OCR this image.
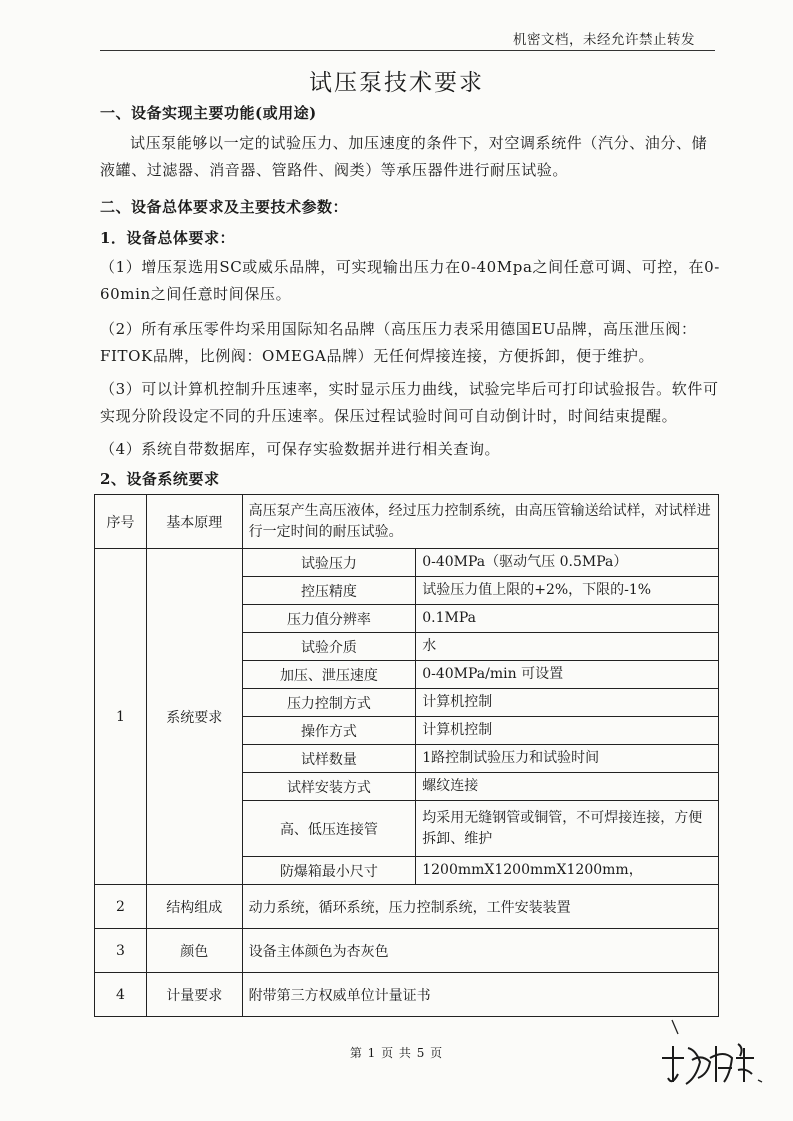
机密文档，未经允许禁止转发
试压泵技术要求
一、设备实现主要功能(或用途)
试压泵能够以一定的试验压力、加压速度的条件下，对空调系统件（汽分、油分、储液罐、过滤器、消音器、管路件、阀类）等承压器件进行耐压试验。
二、设备总体要求及主要技术参数：
1．设备总体要求：
（1）增压泵选用SC或威乐品牌，可实现输出压力在0-40Mpa之间任意可调、可控，在0-60min之间任意时间保压。
（2）所有承压零件均采用国际知名品牌（高压压力表采用德国EU品牌，高压泄压阀：FITOK品牌，比例阀：OMEGA品牌）无任何焊接连接，方便拆卸，便于维护。
（3）可以计算机控制升压速率，实时显示压力曲线，试验完毕后可打印试验报告。软件可实现分阶段设定不同的升压速率。保压过程试验时间可自动倒计时，时间结束提醒。
（4）系统自带数据库，可保存实验数据并进行相关查询。
2、设备系统要求
序号	基本原理	高压泵产生高压液体，经过压力控制系统，由高压管输送给试样，对试样进行一定时间的耐压试验。	
1	系统要求	试验压力	0-40MPa（驱动气压 0.5MPa）
		控压精度	试验压力值上限的+2%，下限的-1%
		压力值分辨率	0.1MPa
		试验介质	水
		加压、泄压速度	0-40MPa/min 可设置
		压力控制方式	计算机控制
		操作方式	计算机控制
		试样数量	1路控制试验压力和试验时间
		试样安装方式	螺纹连接
		高、低压连接管	均采用无缝钢管或铜管，不可焊接连接，方便拆卸、维护
		防爆箱最小尺寸	1200mmX1200mmX1200mm，
2	结构组成	动力系统，循环系统，压力控制系统，工件安装装置	
3	颜色	设备主体颜色为杏灰色	
4	计量要求	附带第三方权威单位计量证书	
第 1 页 共 5 页
